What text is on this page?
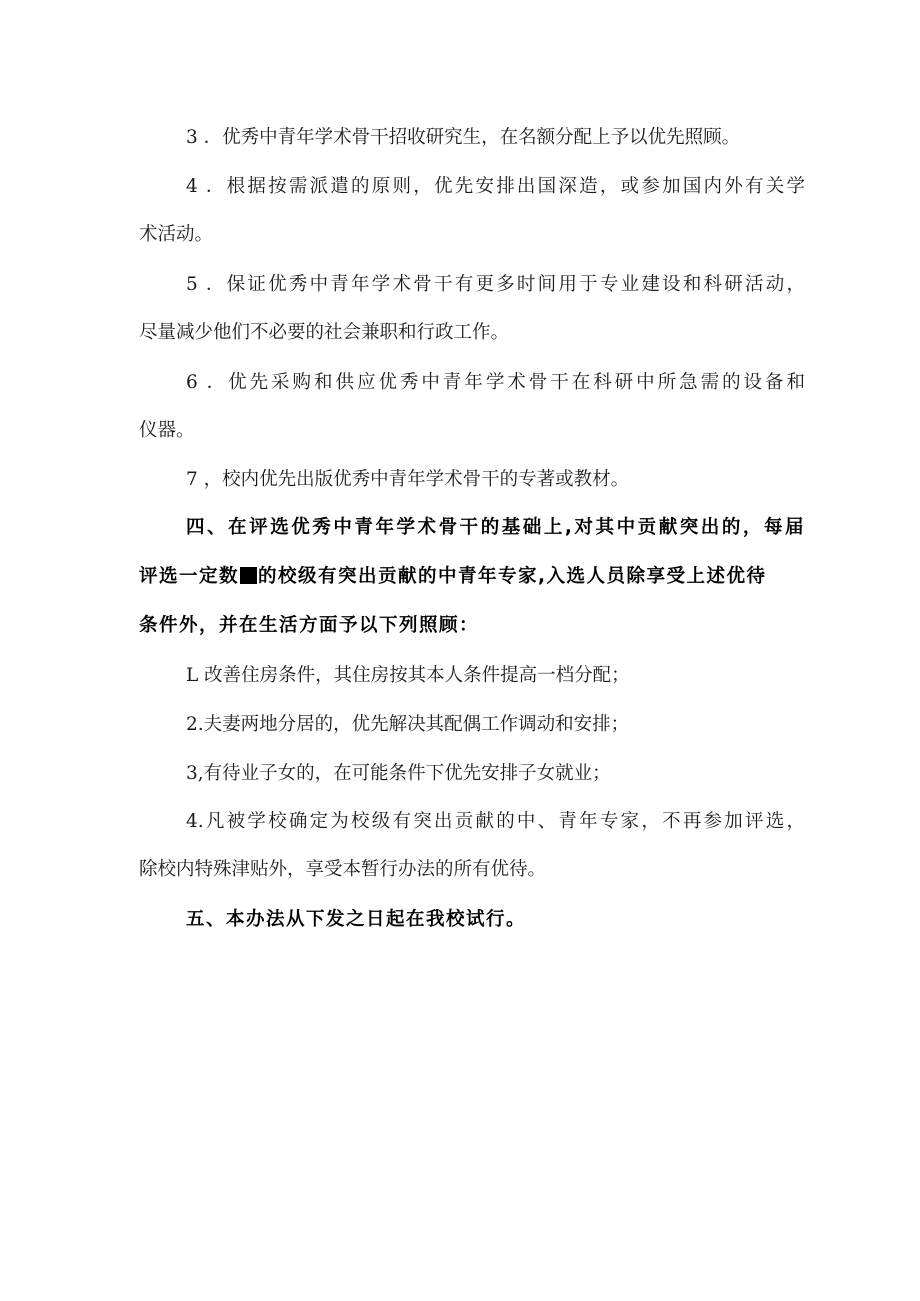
3 ．优秀中青年学术骨干招收研究生，在名额分配上予以优先照顾。

4 ．根据按需派遣的原则，优先安排出国深造，或参加国内外有关学

术活动。

5 ．保证优秀中青年学术骨干有更多时间用于专业建设和科研活动，

尽量减少他们不必要的社会兼职和行政工作。

6 ．优先采购和供应优秀中青年学术骨干在科研中所急需的设备和

仪器。

7 ，校内优先出版优秀中青年学术骨干的专著或教材。

四、在评选优秀中青年学术骨干的基础上,对其中贡献突出的，每届

评选一定数 的校级有突出贡献的中青年专家,入选人员除享受上述优待

条件外，并在生活方面予以下列照顾：

L 改善住房条件，其住房按其本人条件提高一档分配；

2.夫妻两地分居的，优先解决其配偶工作调动和安排；

3,有待业子女的，在可能条件下优先安排子女就业；

4.凡被学校确定为校级有突出贡献的中、青年专家，不再参加评选，

除校内特殊津贴外，享受本暂行办法的所有优待。

五、本办法从下发之日起在我校试行。
